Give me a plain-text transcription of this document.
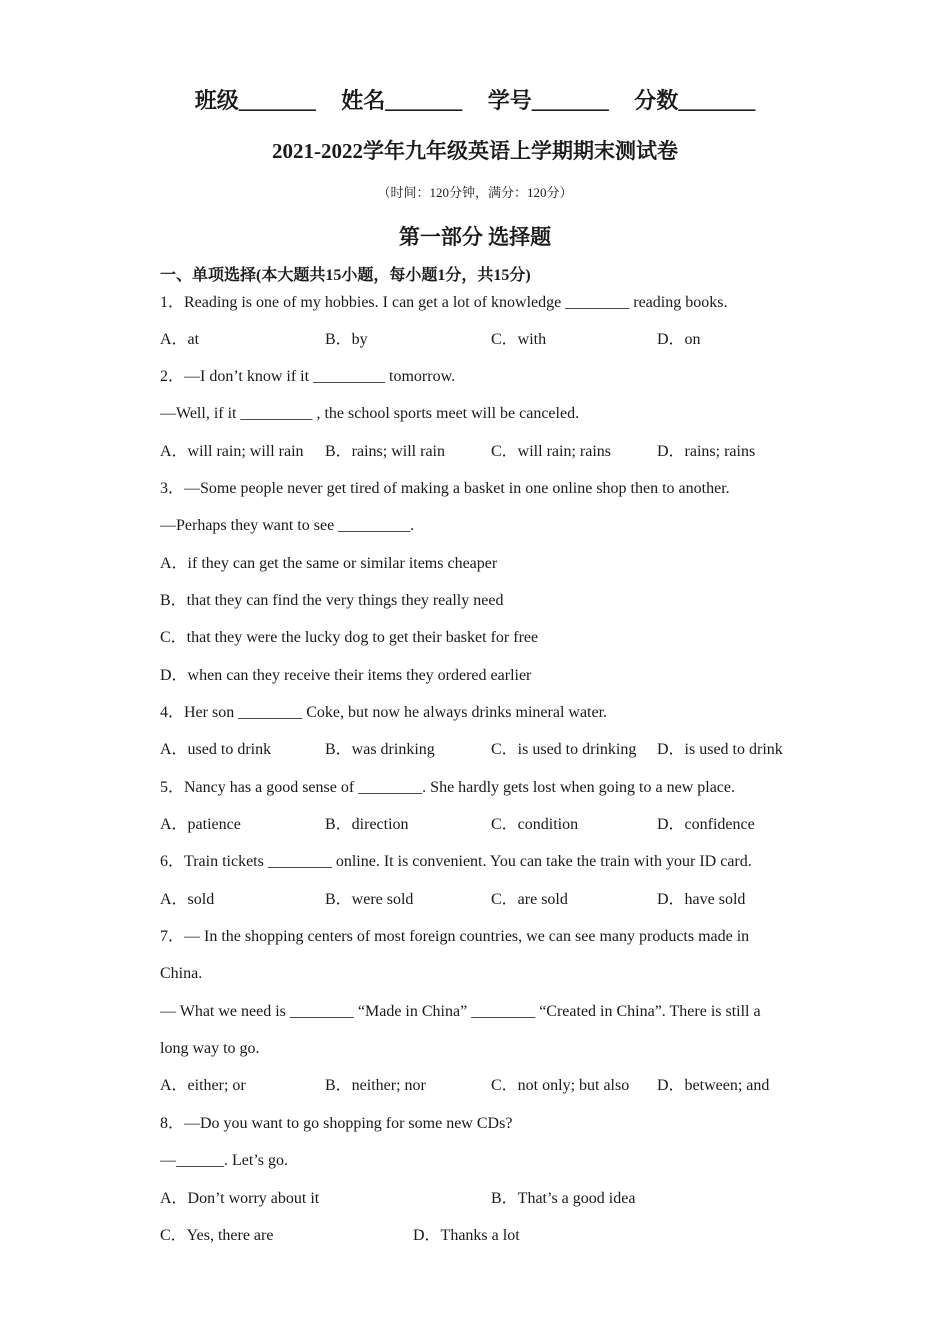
班级_______ 姓名_______ 学号_______ 分数_______
2021-2022学年九年级英语上学期期末测试卷
（时间：120分钟，满分：120分）
第一部分 选择题
一、单项选择(本大题共15小题，每小题1分，共15分)
1．Reading is one of my hobbies. I can get a lot of knowledge ________ reading books.
A．at	B．by	C．with	D．on
2．—I don’t know if it _________ tomorrow.
—Well, if it _________ , the school sports meet will be canceled.
A．will rain; will rain B．rains; will rain	C．will rain; rains	D．rains; rains
3．—Some people never get tired of making a basket in one online shop then to another.
—Perhaps they want to see _________.
A．if they can get the same or similar items cheaper
B．that they can find the very things they really need
C．that they were the lucky dog to get their basket for free
D．when can they receive their items they ordered earlier
4．Her son ________ Coke, but now he always drinks mineral water.
A．used to drink	B．was drinking	C．is used to drinking D．is used to drink
5．Nancy has a good sense of ________. She hardly gets lost when going to a new place.
A．patience	B．direction	C．condition	D．confidence
6．Train tickets ________ online. It is convenient. You can take the train with your ID card.
A．sold	B．were sold	C．are sold	D．have sold
7．— In the shopping centers of most foreign countries, we can see many products made in
China.
— What we need is ________ “Made in China” ________ “Created in China”. There is still a
long way to go.
A．either; or	B．neither; nor	C．not only; but also D．between; and
8．—Do you want to go shopping for some new CDs?
—______. Let’s go.
A．Don’t worry about it	B．That’s a good idea
C．Yes, there are	D．Thanks a lot
